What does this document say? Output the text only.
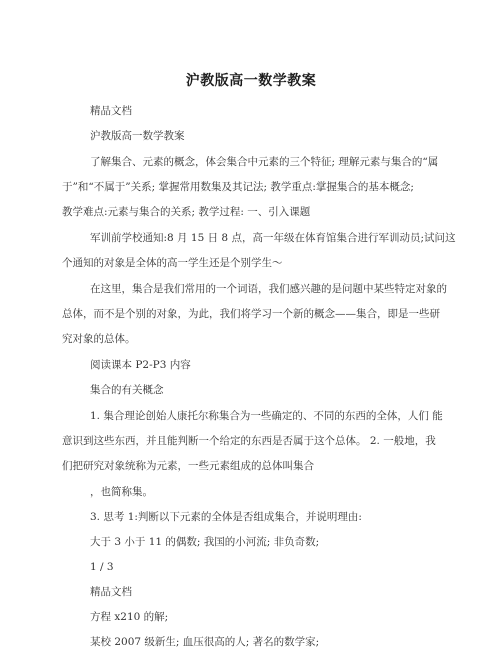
沪教版高一数学教案
精品文档
沪教版高一数学教案
了解集合、元素的概念，体会集合中元素的三个特征; 理解元素与集合的“属
于”和“不属于”关系; 掌握常用数集及其记法; 教学重点:掌握集合的基本概念;
教学难点:元素与集合的关系; 教学过程: 一、引入课题
军训前学校通知:8 月 15 日 8 点，高一年级在体育馆集合进行军训动员;试问这
个通知的对象是全体的高一学生还是个别学生～
在这里，集合是我们常用的一个词语，我们感兴趣的是问题中某些特定对象的
总体，而不是个别的对象，为此，我们将学习一个新的概念——集合，即是一些研
究对象的总体。
阅读课本 P2-P3 内容
集合的有关概念
1. 集合理论创始人康托尔称集合为一些确定的、不同的东西的全体，人们 能
意识到这些东西，并且能判断一个给定的东西是否属于这个总体。 2. 一般地，我
们把研究对象统称为元素，一些元素组成的总体叫集合
，也简称集。
3. 思考 1:判断以下元素的全体是否组成集合，并说明理由:
大于 3 小于 11 的偶数; 我国的小河流; 非负奇数;
1 / 3
精品文档
方程 x210 的解;
某校 2007 级新生; 血压很高的人; 著名的数学家;
